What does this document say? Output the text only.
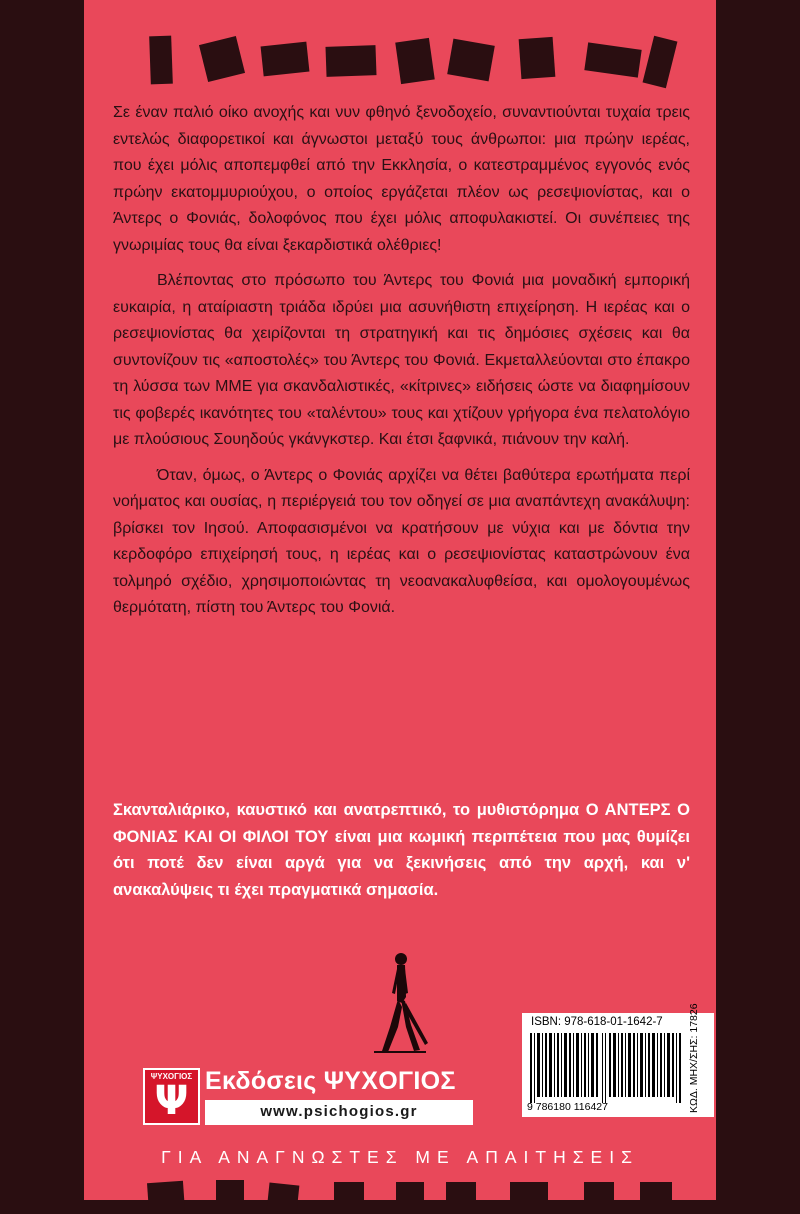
Σε έναν παλιό οίκο ανοχής και νυν φθηνό ξενοδοχείο, συναντιούνται τυχαία τρεις εντελώς διαφορετικοί και άγνωστοι μεταξύ τους άνθρωποι: μια πρώην ιερέας, που έχει μόλις αποπεμφθεί από την Εκκλησία, ο κατεστραμμένος εγγονός ενός πρώην εκατομμυριούχου, ο οποίος εργάζεται πλέον ως ρεσεψιονίστας, και ο Άντερς ο Φονιάς, δολοφόνος που έχει μόλις αποφυλακιστεί. Οι συνέπειες της γνωριμίας τους θα είναι ξεκαρδιστικά ολέθριες!

Βλέποντας στο πρόσωπο του Άντερς του Φονιά μια μοναδική εμπορική ευκαιρία, η αταίριαστη τριάδα ιδρύει μια ασυνήθιστη επιχείρηση. Η ιερέας και ο ρεσεψιονίστας θα χειρίζονται τη στρατηγική και τις δημόσιες σχέσεις και θα συντονίζουν τις «αποστολές» του Άντερς του Φονιά. Εκμεταλλεύονται στο έπακρο τη λύσσα των ΜΜΕ για σκανδαλιστικές, «κίτρινες» ειδήσεις ώστε να διαφημίσουν τις φοβερές ικανότητες του «ταλέντου» τους και χτίζουν γρήγορα ένα πελατολόγιο με πλούσιους Σουηδούς γκάνγκστερ. Και έτσι ξαφνικά, πιάνουν την καλή.

Όταν, όμως, ο Άντερς ο Φονιάς αρχίζει να θέτει βαθύτερα ερωτήματα περί νοήματος και ουσίας, η περιέργειά του τον οδηγεί σε μια αναπάντεχη ανακάλυψη: βρίσκει τον Ιησού. Αποφασισμένοι να κρατήσουν με νύχια και με δόντια την κερδοφόρο επιχείρησή τους, η ιερέας και ο ρεσεψιονίστας καταστρώνουν ένα τολμηρό σχέδιο, χρησιμοποιώντας τη νεοανακαλυφθείσα, και ομολογουμένως θερμότατη, πίστη του Άντερς του Φονιά.

Σκανταλιάρικο, καυστικό και ανατρεπτικό, το μυθιστόρημα Ο ΑΝΤΕΡΣ Ο ΦΟΝΙΑΣ ΚΑΙ ΟΙ ΦΙΛΟΙ ΤΟΥ είναι μια κωμική περιπέτεια που μας θυμίζει ότι ποτέ δεν είναι αργά για να ξεκινήσεις από την αρχή, και ν' ανακαλύψεις τι έχει πραγματικά σημασία.
ISBN: 978-618-01-1642-7
9 786180 116427	ΚΩΔ. ΜΗΧ/ΣΗΣ: 17826
ΨΥΧΟΓΙΟΣ
Ψ Εκδόσεις ΨΥΧΟΓΙΟΣ
www.psichogios.gr
ΓΙΑ ΑΝΑΓΝΩΣΤΕΣ ΜΕ ΑΠΑΙΤΗΣΕΙΣ
